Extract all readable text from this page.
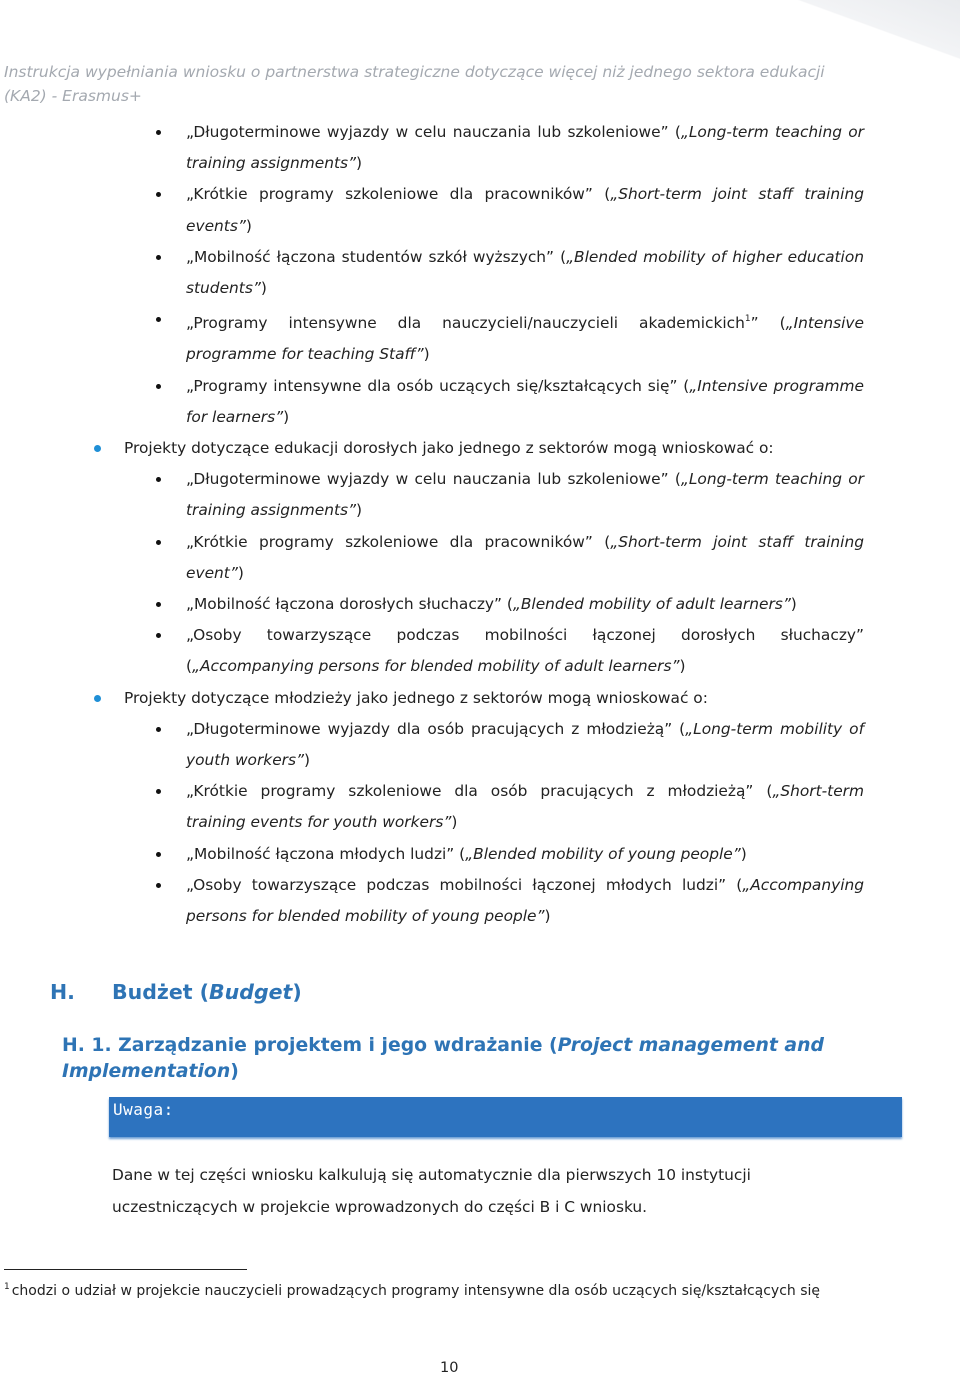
Instrukcja wypełniania wniosku o partnerstwa strategiczne dotyczące więcej niż jednego sektora edukacji
(KA2) - Erasmus+
„Długoterminowe wyjazdy w celu nauczania lub szkoleniowe” („Long-term teaching or training assignments”)
„Krótkie programy szkoleniowe dla pracowników” („Short-term joint staff training events”)
„Mobilność łączona studentów szkół wyższych” („Blended mobility of higher education students”)
„Programy intensywne dla nauczycieli/nauczycieli akademickich$^1$” („Intensive programme for teaching Staff”)
„Programy intensywne dla osób uczących się/kształcących się” („Intensive programme for learners”)
Projekty dotyczące edukacji dorosłych jako jednego z sektorów mogą wnioskować o:
„Długoterminowe wyjazdy w celu nauczania lub szkoleniowe” („Long-term teaching or training assignments”)
„Krótkie programy szkoleniowe dla pracowników” („Short-term joint staff training event”)
„Mobilność łączona dorosłych słuchaczy” („Blended mobility of adult learners”)
„Osoby towarzyszące podczas mobilności łączonej dorosłych słuchaczy” („Accompanying persons for blended mobility of adult learners”)
Projekty dotyczące młodzieży jako jednego z sektorów mogą wnioskować o:
„Długoterminowe wyjazdy dla osób pracujących z młodzieżą” („Long-term mobility of youth workers”)
„Krótkie programy szkoleniowe dla osób pracujących z młodzieżą” („Short-term training events for youth workers”)
„Mobilność łączona młodych ludzi” („Blended mobility of young people”)
„Osoby towarzyszące podczas mobilności łączonej młodych ludzi” („Accompanying persons for blended mobility of young people”)
H. Budżet (Budget)
H. 1. Zarządzanie projektem i jego wdrażanie (Project management and Implementation)
Uwaga:
Dane w tej części wniosku kalkulują się automatycznie dla pierwszych 10 instytucji uczestniczących w projekcie wprowadzonych do części B i C wniosku.
$^1$ chodzi o udział w projekcie nauczycieli prowadzących programy intensywne dla osób uczących się/kształcących się
10
